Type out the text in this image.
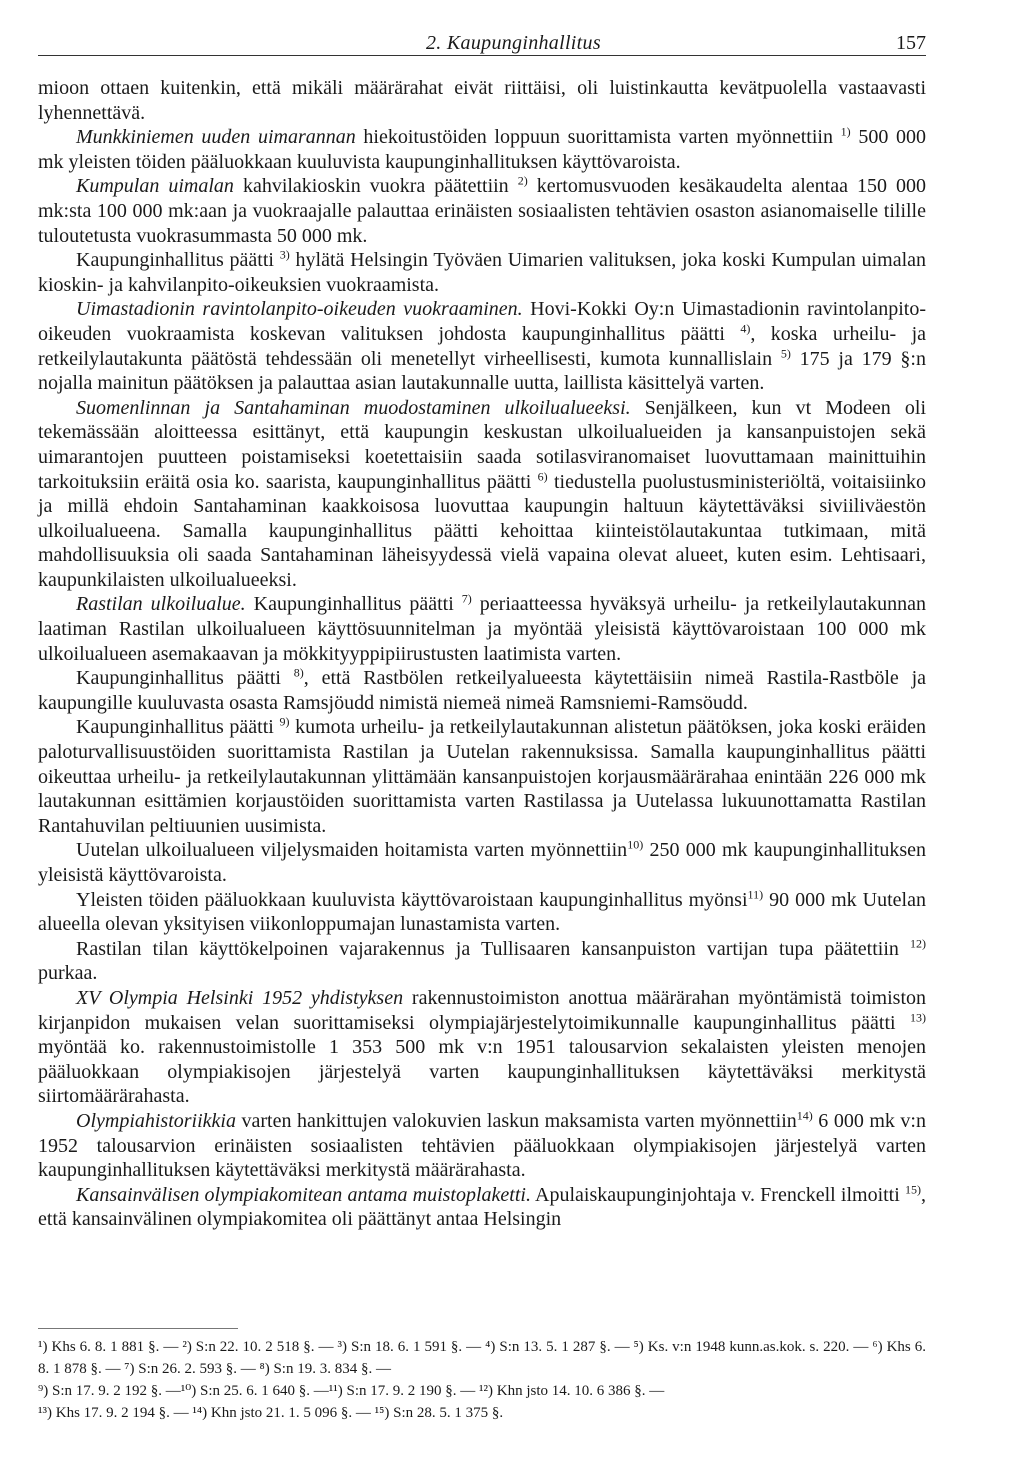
2. Kaupunginhallitus	157

mioon ottaen kuitenkin, että mikäli määrärahat eivät riittäisi, oli luistinkautta kevätpuolella vastaavasti lyhennettävä.

Munkkiniemen uuden uimarannan hiekoitustöiden loppuun suorittamista varten myönnettiin $^{1)}$ 500 000 mk yleisten töiden pääluokkaan kuuluvista kaupunginhallituksen käyttövaroista.

Kumpulan uimalan kahvilakioskin vuokra päätettiin $^{2)}$ kertomusvuoden kesäkaudelta alentaa 150 000 mk:sta 100 000 mk:aan ja vuokraajalle palauttaa erinäisten sosiaalisten tehtävien osaston asianomaiselle tilille tuloutetusta vuokrasummasta 50 000 mk.

Kaupunginhallitus päätti $^{3)}$ hylätä Helsingin Työväen Uimarien valituksen, joka koski Kumpulan uimalan kioskin- ja kahvilanpito-oikeuksien vuokraamista.

Uimastadionin ravintolanpito-oikeuden vuokraaminen. Hovi-Kokki Oy:n Uimastadionin ravintolanpito-oikeuden vuokraamista koskevan valituksen johdosta kaupunginhallitus päätti $^{4)}$, koska urheilu- ja retkeilylautakunta päätöstä tehdessään oli menetellyt virheellisesti, kumota kunnallislain $^{5)}$ 175 ja 179 §:n nojalla mainitun päätöksen ja palauttaa asian lautakunnalle uutta, laillista käsittelyä varten.

Suomenlinnan ja Santahaminan muodostaminen ulkoilualueeksi. Senjälkeen, kun vt Modeen oli tekemässään aloitteessa esittänyt, että kaupungin keskustan ulkoilualueiden ja kansanpuistojen sekä uimarantojen puutteen poistamiseksi koetettaisiin saada sotilasviranomaiset luovuttamaan mainittuihin tarkoituksiin eräitä osia ko. saarista, kaupunginhallitus päätti $^{6)}$ tiedustella puolustusministeriöltä, voitaisiinko ja millä ehdoin Santahaminan kaakkoisosa luovuttaa kaupungin haltuun käytettäväksi siviiliväestön ulkoilualueena. Samalla kaupunginhallitus päätti kehoittaa kiinteistölautakuntaa tutkimaan, mitä mahdollisuuksia oli saada Santahaminan läheisyydessä vielä vapaina olevat alueet, kuten esim. Lehtisaari, kaupunkilaisten ulkoilualueeksi.

Rastilan ulkoilualue. Kaupunginhallitus päätti $^{7)}$ periaatteessa hyväksyä urheilu- ja retkeilylautakunnan laatiman Rastilan ulkoilualueen käyttösuunnitelman ja myöntää yleisistä käyttövaroistaan 100 000 mk ulkoilualueen asemakaavan ja mökkityyppipiirustusten laatimista varten.

Kaupunginhallitus päätti $^{8)}$, että Rastbölen retkeilyalueesta käytettäisiin nimeä Rastila-Rastböle ja kaupungille kuuluvasta osasta Ramsjöudd nimistä niemeä nimeä Ramsniemi-Ramsöudd.

Kaupunginhallitus päätti $^{9)}$ kumota urheilu- ja retkeilylautakunnan alistetun päätöksen, joka koski eräiden paloturvallisuustöiden suorittamista Rastilan ja Uutelan rakennuksissa. Samalla kaupunginhallitus päätti oikeuttaa urheilu- ja retkeilylautakunnan ylittämään kansanpuistojen korjausmäärärahaa enintään 226 000 mk lautakunnan esittämien korjaustöiden suorittamista varten Rastilassa ja Uutelassa lukuunottamatta Rastilan Rantahuvilan peltiuunien uusimista.

Uutelan ulkoilualueen viljelysmaiden hoitamista varten myönnettiin$^{10)}$ 250 000 mk kaupunginhallituksen yleisistä käyttövaroista.

Yleisten töiden pääluokkaan kuuluvista käyttövaroistaan kaupunginhallitus myönsi$^{11)}$ 90 000 mk Uutelan alueella olevan yksityisen viikonloppumajan lunastamista varten.

Rastilan tilan käyttökelpoinen vajarakennus ja Tullisaaren kansanpuiston vartijan tupa päätettiin $^{12)}$ purkaa.

XV Olympia Helsinki 1952 yhdistyksen rakennustoimiston anottua määrärahan myöntämistä toimiston kirjanpidon mukaisen velan suorittamiseksi olympiajärjestelytoimikunnalle kaupunginhallitus päätti $^{13)}$ myöntää ko. rakennustoimistolle 1 353 500 mk v:n 1951 talousarvion sekalaisten yleisten menojen pääluokkaan olympiakisojen järjestelyä varten kaupunginhallituksen käytettäväksi merkitystä siirtomäärärahasta.

Olympiahistoriikkia varten hankittujen valokuvien laskun maksamista varten myönnettiin$^{14)}$ 6 000 mk v:n 1952 talousarvion erinäisten sosiaalisten tehtävien pääluokkaan olympiakisojen järjestelyä varten kaupunginhallituksen käytettäväksi merkitystä määrärahasta.

Kansainvälisen olympiakomitean antama muistoplaketti. Apulaiskaupunginjohtaja v. Frenckell ilmoitti $^{15)}$, että kansainvälinen olympiakomitea oli päättänyt antaa Helsingin

¹) Khs 6. 8. 1 881 §. — ²) S:n 22. 10. 2 518 §. — ³) S:n 18. 6. 1 591 §. — ⁴) S:n 13. 5. 1 287 §. — ⁵) Ks. v:n 1948 kunn.as.kok. s. 220. — ⁶) Khs 6. 8. 1 878 §. — ⁷) S:n 26. 2. 593 §. — ⁸) S:n 19. 3. 834 §. —

⁹) S:n 17. 9. 2 192 §. —¹⁰) S:n 25. 6. 1 640 §. —¹¹) S:n 17. 9. 2 190 §. — ¹²) Khn jsto 14. 10. 6 386 §. —

¹³) Khs 17. 9. 2 194 §. — ¹⁴) Khn jsto 21. 1. 5 096 §. — ¹⁵) S:n 28. 5. 1 375 §.
